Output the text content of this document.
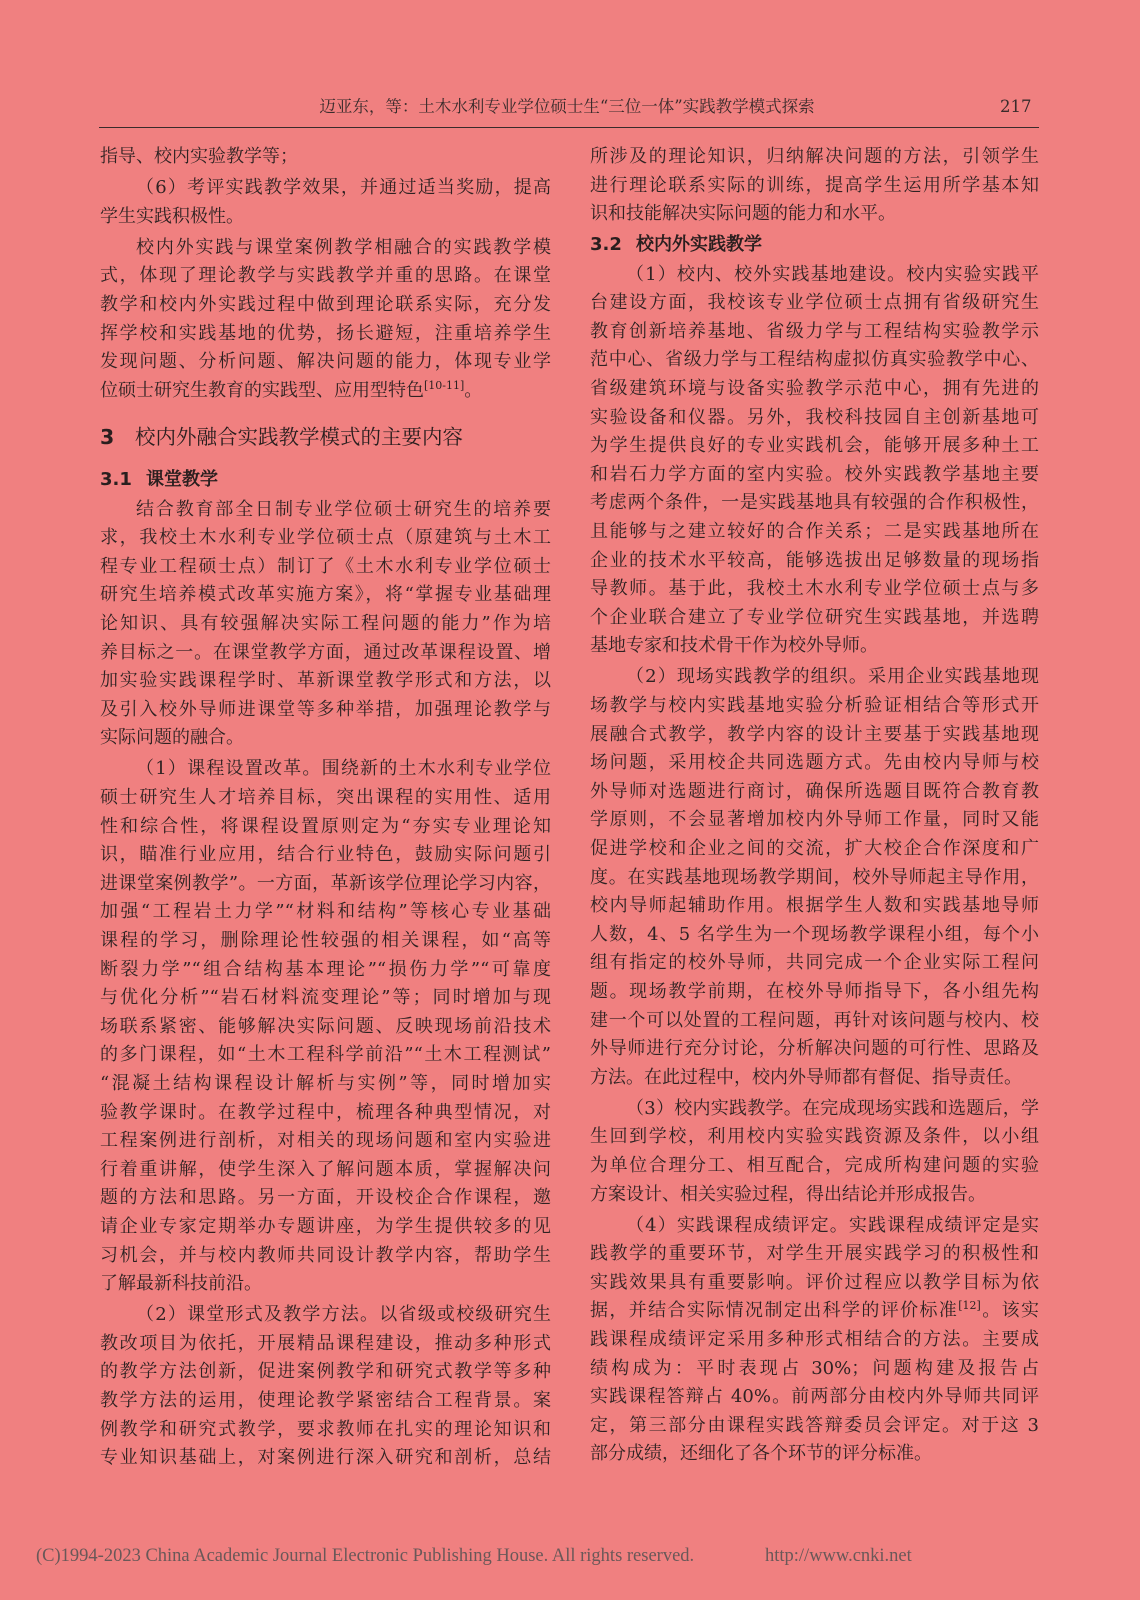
迈亚东，等：土木水利专业学位硕士生“三位一体”实践教学模式探索	217
指导、校内实验教学等；
（6）考评实践教学效果，并通过适当奖励，提高
学生实践积极性。
校内外实践与课堂案例教学相融合的实践教学模
式，体现了理论教学与实践教学并重的思路。在课堂
教学和校内外实践过程中做到理论联系实际，充分发
挥学校和实践基地的优势，扬长避短，注重培养学生
发现问题、分析问题、解决问题的能力，体现专业学
位硕士研究生教育的实践型、应用型特色[10-11]。
3 校内外融合实践教学模式的主要内容
3.1 课堂教学
结合教育部全日制专业学位硕士研究生的培养要
求，我校土木水利专业学位硕士点（原建筑与土木工
程专业工程硕士点）制订了《土木水利专业学位硕士
研究生培养模式改革实施方案》，将“掌握专业基础理
论知识、具有较强解决实际工程问题的能力”作为培
养目标之一。在课堂教学方面，通过改革课程设置、增
加实验实践课程学时、革新课堂教学形式和方法，以
及引入校外导师进课堂等多种举措，加强理论教学与
实际问题的融合。
（1）课程设置改革。围绕新的土木水利专业学位
硕士研究生人才培养目标，突出课程的实用性、适用
性和综合性，将课程设置原则定为“夯实专业理论知
识，瞄准行业应用，结合行业特色，鼓励实际问题引
进课堂案例教学”。一方面，革新该学位理论学习内容，
加强“工程岩土力学”“材料和结构”等核心专业基础
课程的学习，删除理论性较强的相关课程，如“高等
断裂力学”“组合结构基本理论”“损伤力学”“可靠度
与优化分析”“岩石材料流变理论”等；同时增加与现
场联系紧密、能够解决实际问题、反映现场前沿技术
的多门课程，如“土木工程科学前沿”“土木工程测试”
“混凝土结构课程设计解析与实例”等，同时增加实
验教学课时。在教学过程中，梳理各种典型情况，对
工程案例进行剖析，对相关的现场问题和室内实验进
行着重讲解，使学生深入了解问题本质，掌握解决问
题的方法和思路。另一方面，开设校企合作课程，邀
请企业专家定期举办专题讲座，为学生提供较多的见
习机会，并与校内教师共同设计教学内容，帮助学生
了解最新科技前沿。
（2）课堂形式及教学方法。以省级或校级研究生
教改项目为依托，开展精品课程建设，推动多种形式
的教学方法创新，促进案例教学和研究式教学等多种
教学方法的运用，使理论教学紧密结合工程背景。案
例教学和研究式教学，要求教师在扎实的理论知识和
专业知识基础上，对案例进行深入研究和剖析，总结
所涉及的理论知识，归纳解决问题的方法，引领学生
进行理论联系实际的训练，提高学生运用所学基本知
识和技能解决实际问题的能力和水平。
3.2 校内外实践教学
（1）校内、校外实践基地建设。校内实验实践平
台建设方面，我校该专业学位硕士点拥有省级研究生
教育创新培养基地、省级力学与工程结构实验教学示
范中心、省级力学与工程结构虚拟仿真实验教学中心、
省级建筑环境与设备实验教学示范中心，拥有先进的
实验设备和仪器。另外，我校科技园自主创新基地可
为学生提供良好的专业实践机会，能够开展多种土工
和岩石力学方面的室内实验。校外实践教学基地主要
考虑两个条件，一是实践基地具有较强的合作积极性，
且能够与之建立较好的合作关系；二是实践基地所在
企业的技术水平较高，能够选拔出足够数量的现场指
导教师。基于此，我校土木水利专业学位硕士点与多
个企业联合建立了专业学位研究生实践基地，并选聘
基地专家和技术骨干作为校外导师。
（2）现场实践教学的组织。采用企业实践基地现
场教学与校内实践基地实验分析验证相结合等形式开
展融合式教学，教学内容的设计主要基于实践基地现
场问题，采用校企共同选题方式。先由校内导师与校
外导师对选题进行商讨，确保所选题目既符合教育教
学原则，不会显著增加校内外导师工作量，同时又能
促进学校和企业之间的交流，扩大校企合作深度和广
度。在实践基地现场教学期间，校外导师起主导作用，
校内导师起辅助作用。根据学生人数和实践基地导师
人数，4、5 名学生为一个现场教学课程小组，每个小
组有指定的校外导师，共同完成一个企业实际工程问
题。现场教学前期，在校外导师指导下，各小组先构
建一个可以处置的工程问题，再针对该问题与校内、校
外导师进行充分讨论，分析解决问题的可行性、思路及
方法。在此过程中，校内外导师都有督促、指导责任。
（3）校内实践教学。在完成现场实践和选题后，学
生回到学校，利用校内实验实践资源及条件，以小组
为单位合理分工、相互配合，完成所构建问题的实验
方案设计、相关实验过程，得出结论并形成报告。
（4）实践课程成绩评定。实践课程成绩评定是实
践教学的重要环节，对学生开展实践学习的积极性和
实践效果具有重要影响。评价过程应以教学目标为依
据，并结合实际情况制定出科学的评价标准[12]。该实
践课程成绩评定采用多种形式相结合的方法。主要成
绩构成为：平时表现占 30%；问题构建及报告占
实践课程答辩占 40%。前两部分由校内外导师共同评
定，第三部分由课程实践答辩委员会评定。对于这 3
部分成绩，还细化了各个环节的评分标准。
(C)1994-2023 China Academic Journal Electronic Publishing House. All rights reserved.	http://www.cnki.net
